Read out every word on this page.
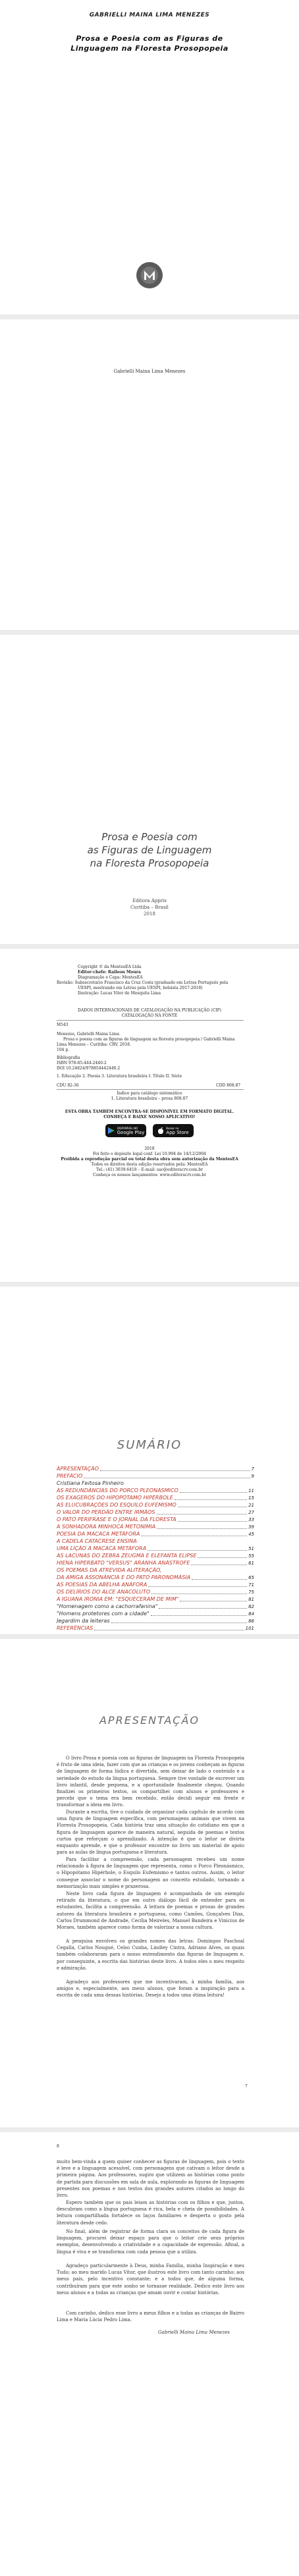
GABRIELLI MAINA LIMA MENEZES
Prosa e Poesia com as Figuras de
Linguagem na Floresta Prosopopeia
Gabrielli Maina Lima Menezes
Prosa e Poesia com
as Figuras de Linguagem
na Floresta Prosopopeia
Editora Appris
Curitiba – Brasil
2018
Copyright © da MentesEA Ltda
Editor-chefe: Raileon Moura
Diagramação e Capa: MentesEA
Revisão: Subsecretário Francisco da Cruz Costa (graduado em Letras Português pela
UESPI, mestrando em Letras pela UESPI, bolsista 2017-2018)
Ilustração: Lucas Vitor de Mesquita Lima
DADOS INTERNACIONAIS DE CATALOGAÇÃO NA PUBLICAÇÃO (CIP)
CATALOGAÇÃO NA FONTE
M543
Menezes, Gabrielli Maina Lima
Prosa e poesia com as figuras de linguagem na floresta prosopopeia / Gabrielli Maina
Lima Menezes – Curitiba: CRV, 2018.
104 p.
Bibliografia
ISBN 978-85-444-2440-2
DOI 10.24824/978854442440.2
1. Educação 2. Poesia 3. Literatura brasileira I. Título II. Série
CDU 82-36	CDD 808.87
Índice para catálogo sistemático
1. Literatura brasileira – prosa 808.87
ESTA OBRA TAMBÉM ENCONTRA-SE DISPONÍVEL EM FORMATO DIGITAL.
CONHEÇA E BAIXE NOSSO APLICATIVO!
DISPONÍVEL NO
Google Play
Baixar na
App Store
2018
Foi feito o depósito legal conf. Lei 10.994 de 14/12/2004
Proibida a reprodução parcial ou total desta obra sem autorização da MentesEA
Todos os direitos desta edição reservados pela: MentesEA
Tel.: (41) 3039-6418 – E-mail: sac@editoracrv.com.br
Conheça os nossos lançamentos: www.editoracrv.com.br
SUMÁRIO
APRESENTAÇÃO	7
PREFÁCIO	9
Cristiana Feitosa Pinheiro
AS REDUNDÂNCIAS DO PORCO PLEONÁSMICO	11
OS EXAGEROS DO HIPOPÓTAMO HIPÉRBOLE	15
AS ELUCUBRAÇÕES DO ESQUILO EUFEMISMO	21
O VALOR DO PERDÃO ENTRE IRMÃOS	27
O PATO PERIFRASE E O JORNAL DA FLORESTA	33
A SONHADORA MINHOCA METONÍMIA	39
POESIA DA MACACA METÁFORA	45
A CADELA CATACRESE ENSINA
UMA LIÇÃO À MACACA METÁFORA	51
AS LACUNAS DO ZEBRA ZEUGMA E ELEFANTA ELIPSE	55
HIENA HIPÉRBATO "VERSUS" ARANHA ANÁSTROFE	61
OS POEMAS DA ATREVIDA ALITERAÇÃO,
DA AMIGA ASSONÂNCIA E DO PATO PARONOMÁSIA	65
AS POESIAS DA ABELHA ANÁFORA	71
OS DELÍRIOS DO ALCE ANACOLUTO	75
A IGUANA IRONIA EM: "ESQUECERAM DE MIM"	81
"Homenagem como a cachorrafanina"	82
"Homens protetores com a cidade"	84
Jegardim da leiteras	86
REFERÊNCIAS	101
APRESENTAÇÃO
O livro Prosa e poesia com as figuras de linguagem na Floresta Prosopopeia é fruto de uma ideia, fazer com que as crianças e os jovens conheçam as figuras de linguagem de forma lúdica e divertida, sem deixar de lado o conteúdo e a seriedade do estudo da língua portuguesa. Sempre tive vontade de escrever um livro infantil, desde pequena, e a oportunidade finalmente chegou. Quando finalizei os primeiros textos, os compartilhei com alunos e professores e percebi que o tema era bem recebido, então decidi seguir em frente e transformar a ideia em livro.
Durante a escrita, tive o cuidado de organizar cada capítulo de acordo com uma figura de linguagem específica, com personagens animais que vivem na Floresta Prosopopeia. Cada história traz uma situação do cotidiano em que a figura de linguagem aparece de maneira natural, seguida de poemas e textos curtos que reforçam o aprendizado. A intenção é que o leitor se divirta enquanto aprende, e que o professor encontre no livro um material de apoio para as aulas de língua portuguesa e literatura.
Para facilitar a compreensão, cada personagem recebeu um nome relacionado à figura de linguagem que representa, como o Porco Pleonásmico, o Hipopótamo Hipérbole, o Esquilo Eufemismo e tantos outros. Assim, o leitor consegue associar o nome do personagem ao conceito estudado, tornando a memorização mais simples e prazerosa.
Neste livro cada figura de linguagem é acompanhada de um exemplo retirado da literatura, o que em outro diálogo fácil de entender para os estudantes, facilita a compreensão. A leitura de poemas e prosas de grandes autores da literatura brasileira e portuguesa, como Camões, Gonçalves Dias, Carlos Drummond de Andrade, Cecília Meireles, Manuel Bandeira e Vinicius de Moraes, também aparece como forma de valorizar a nossa cultura.
A pesquisa envolveu os grandes nomes das letras: Domingos Paschoal Cegalla, Carlos Nougué, Celso Cunha, Lindley Cintra, Adriano Alves, os quais também colaboraram para o nosso entendimento das figuras de linguagem e, por conseguinte, a escrita das histórias deste livro. A todos eles o meu respeito e admiração.
Agradeço aos professores que me incentivaram, à minha família, aos amigos e, especialmente, aos meus alunos, que foram a inspiração para a escrita de cada uma dessas histórias. Desejo a todos uma ótima leitura!
7
8
muito bem-vinda a quem quiser conhecer as figuras de linguagem, pois o texto é leve e a linguagem acessível, com personagens que cativam o leitor desde a primeira página. Aos professores, sugiro que utilizem as histórias como ponto de partida para discussões em sala de aula, explorando as figuras de linguagem presentes nos poemas e nos textos dos grandes autores citados ao longo do livro.
Espero também que os pais leiam as histórias com os filhos e que, juntos, descubram como a língua portuguesa é rica, bela e cheia de possibilidades. A leitura compartilhada fortalece os laços familiares e desperta o gosto pela literatura desde cedo.
No final, além de registrar de forma clara os conceitos de cada figura de linguagem, procurei deixar espaço para que o leitor crie seus próprios exemplos, desenvolvendo a criatividade e a capacidade de expressão. Afinal, a língua é viva e se transforma com cada pessoa que a utiliza.
Agradeço particularmente à Deus, minha Família, minha Inspiração e meu Tudo; ao meu marido Lucas Vitor, que ilustrou este livro com tanto carinho; aos meus pais, pelo incentivo constante; e a todos que, de alguma forma, contribuíram para que este sonho se tornasse realidade. Dedico este livro aos meus alunos e a todas as crianças que amam ouvir e contar histórias.
Com carinho, dedico esse livro a meus filhos e a todas as crianças de Bairro Lima e Maria Lúcia Pedro Lima.
Gabrielli Maina Lima Menezes
